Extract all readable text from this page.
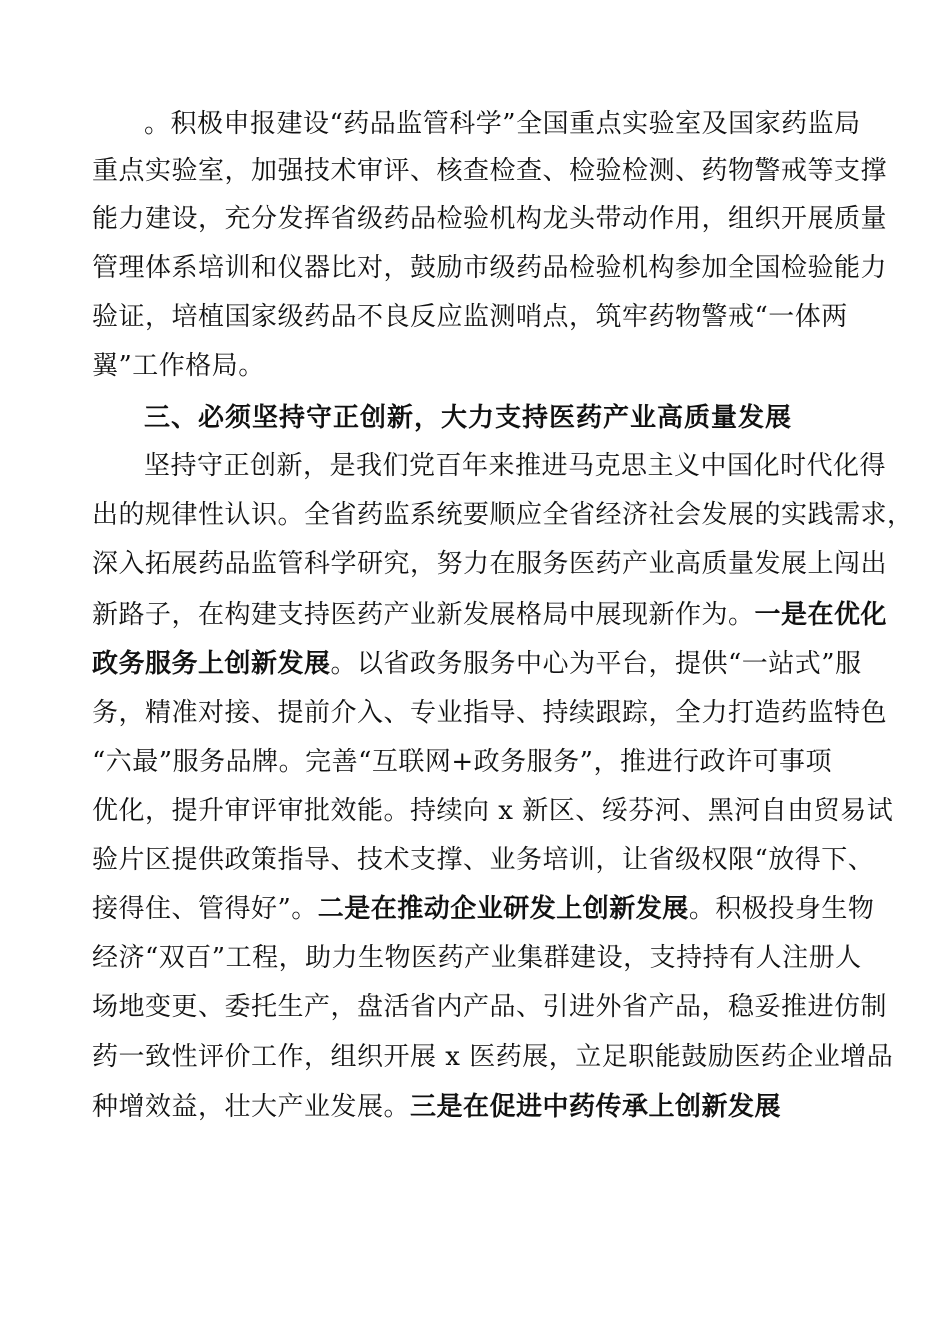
。积极申报建设“药品监管科学”全国重点实验室及国家药监局
重点实验室，加强技术审评、核查检查、检验检测、药物警戒等支撑
能力建设，充分发挥省级药品检验机构龙头带动作用，组织开展质量
管理体系培训和仪器比对，鼓励市级药品检验机构参加全国检验能力
验证，培植国家级药品不良反应监测哨点，筑牢药物警戒“一体两
翼”工作格局。
三、必须坚持守正创新，大力支持医药产业高质量发展
坚持守正创新，是我们党百年来推进马克思主义中国化时代化得
出的规律性认识。全省药监系统要顺应全省经济社会发展的实践需求，
深入拓展药品监管科学研究，努力在服务医药产业高质量发展上闯出
新路子，在构建支持医药产业新发展格局中展现新作为。一是在优化
政务服务上创新发展。以省政务服务中心为平台，提供“一站式”服
务，精准对接、提前介入、专业指导、持续跟踪，全力打造药监特色
“六最”服务品牌。完善“互联网+政务服务”，推进行政许可事项
优化，提升审评审批效能。持续向 x 新区、绥芬河、黑河自由贸易试
验片区提供政策指导、技术支撑、业务培训，让省级权限“放得下、
接得住、管得好”。二是在推动企业研发上创新发展。积极投身生物
经济“双百”工程，助力生物医药产业集群建设，支持持有人注册人
场地变更、委托生产，盘活省内产品、引进外省产品，稳妥推进仿制
药一致性评价工作，组织开展 x 医药展，立足职能鼓励医药企业增品
种增效益，壮大产业发展。三是在促进中药传承上创新发展
